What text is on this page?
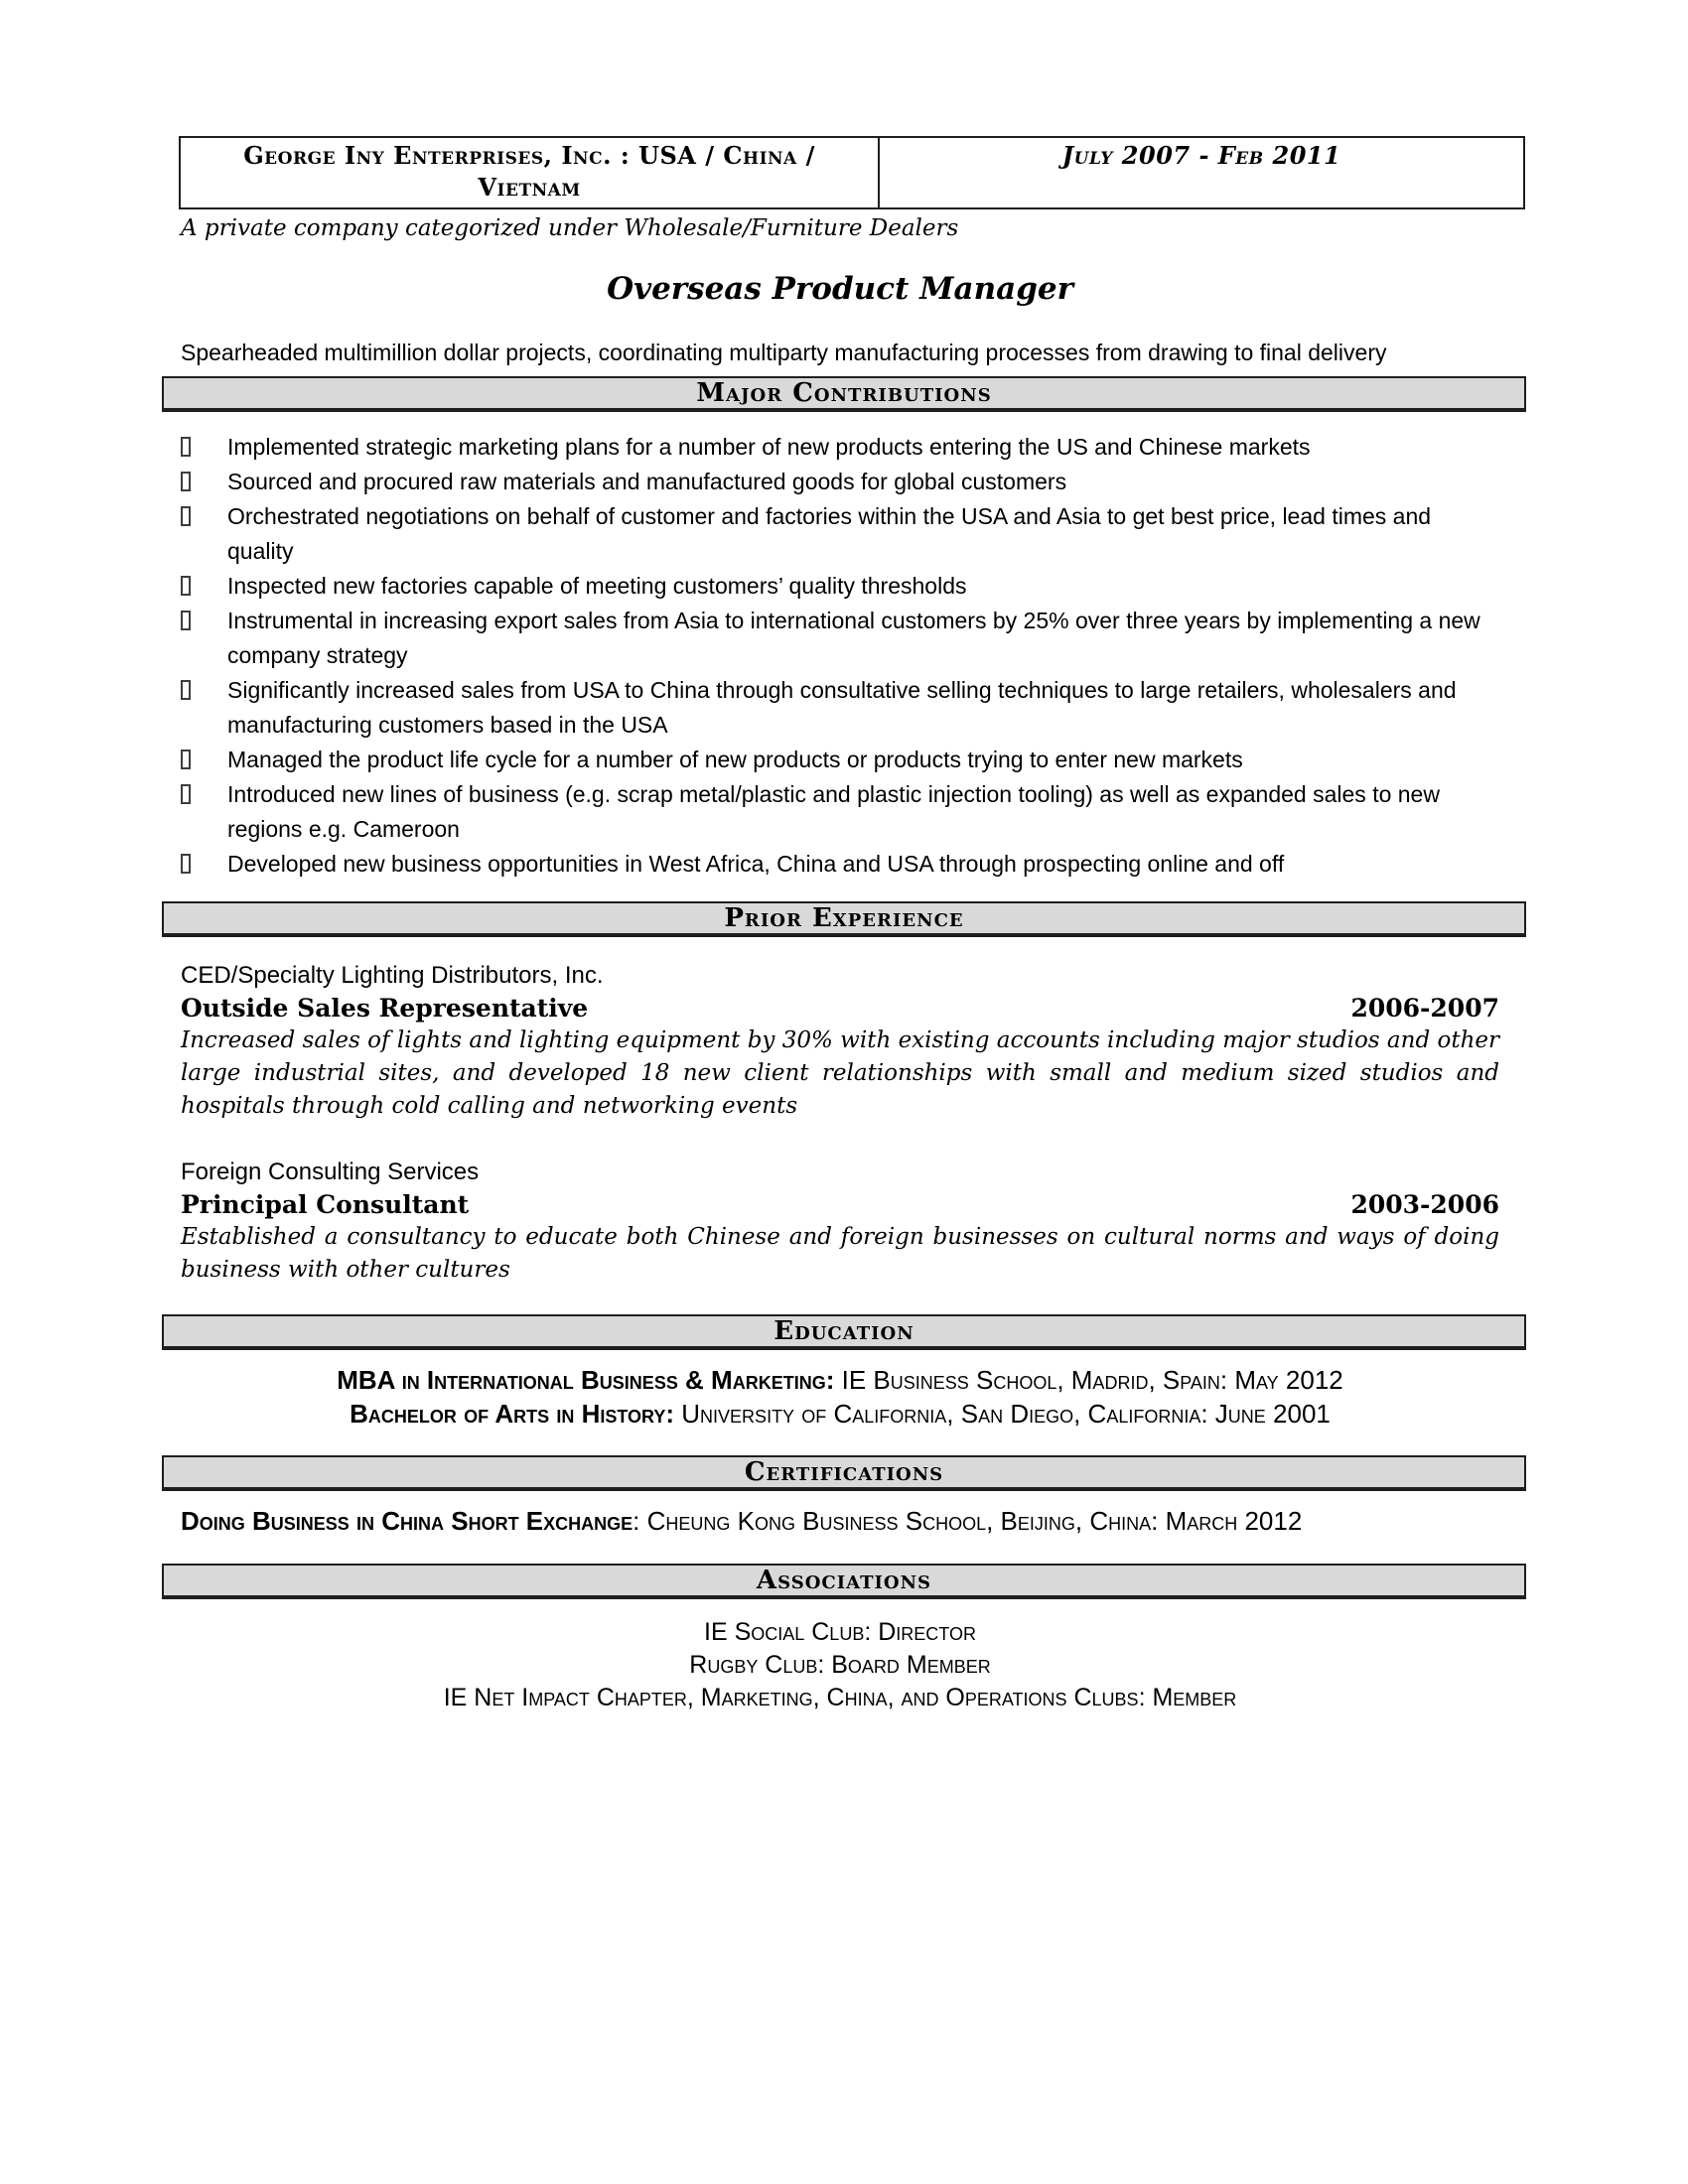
George Iny Enterprises, Inc. : USA / China /
Vietnam
	July 2007 - Feb 2011

A private company categorized under Wholesale/Furniture Dealers

Overseas Product Manager

Spearheaded multimillion dollar projects, coordinating multiparty manufacturing processes from drawing to final delivery

Major Contributions
Implemented strategic marketing plans for a number of new products entering the US and Chinese markets
Sourced and procured raw materials and manufactured goods for global customers
Orchestrated negotiations on behalf of customer and factories within the USA and Asia to get best price, lead times and quality
Inspected new factories capable of meeting customers’ quality thresholds
Instrumental in increasing export sales from Asia to international customers by 25% over three years by implementing a new company strategy
Significantly increased sales from USA to China through consultative selling techniques to large retailers, wholesalers and manufacturing customers based in the USA
Managed the product life cycle for a number of new products or products trying to enter new markets
Introduced new lines of business (e.g. scrap metal/plastic and plastic injection tooling) as well as expanded sales to new regions e.g. Cameroon
Developed new business opportunities in West Africa, China and USA through prospecting online and off
Prior Experience

CED/Specialty Lighting Distributors, Inc.

Outside Sales Representative	2006-2007

Increased sales of lights and lighting equipment by 30% with existing accounts including major studios and other large industrial sites, and developed 18 new client relationships with small and medium sized studios and hospitals through cold calling and networking events

Foreign Consulting Services

Principal Consultant	2003-2006

Established a consultancy to educate both Chinese and foreign businesses on cultural norms and ways of doing business with other cultures

Education

MBA in International Business & Marketing: IE Business School, Madrid, Spain: May 2012

Bachelor of Arts in History: University of California, San Diego, California: June 2001

Certifications

Doing Business in China Short Exchange: Cheung Kong Business School, Beijing, China: March 2012

Associations

IE Social Club: Director

Rugby Club: Board Member

IE Net Impact Chapter, Marketing, China, and Operations Clubs: Member
